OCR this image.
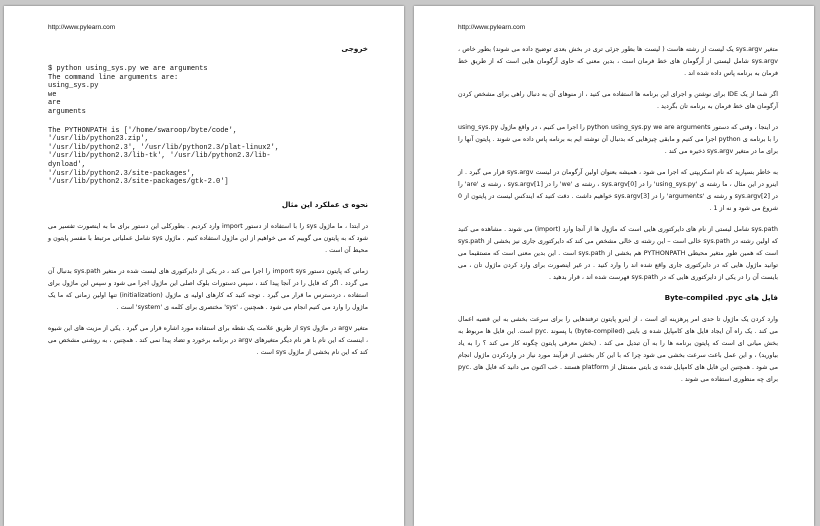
http://www.pylearn.com
خروجی
$ python using_sys.py we are arguments
The command line arguments are:
using_sys.py
we
are
arguments
The PYTHONPATH is ['/home/swaroop/byte/code',
'/usr/lib/python23.zip',
'/usr/lib/python2.3', '/usr/lib/python2.3/plat-linux2',
'/usr/lib/python2.3/lib-tk', '/usr/lib/python2.3/lib-
dynload',
'/usr/lib/python2.3/site-packages',
'/usr/lib/python2.3/site-packages/gtk-2.0']
نحوه ی عملکرد این مثال

در ابتدا ، ما ماژول sys را با استفاده از دستور import وارد کردیم . بطورکلی این دستور برای ما به اینصورت تفسیر می شود که به پایتون می گوییم که می خواهیم از این ماژول استفاده کنیم . ماژول sys شامل عملیاتی مرتبط با مفسر پایتون و محیط آن است .

زمانی که پایتون دستور import sys را اجرا می کند ، در یکی از دایرکتوری های لیست شده در متغیر sys.path بدنبال آن می گردد . اگر که فایل را در آنجا پیدا کند ، سپس دستورات بلوک اصلی این ماژول اجرا می شود و سپس این ماژول برای استفاده ، دردسترس ما قرار می گیرد . توجه کنید که کارهای اولیه ی ماژول (initialization) تنها اولین زمانی که ما یک ماژول را وارد می کنیم انجام می شود . همچنین ، 'sys' مختصری برای کلمه ی 'system' است .

متغیر argv در ماژول sys از طریق علامت یک نقطه برای استفاده مورد اشاره قرار می گیرد . یکی از مزیت های این شیوه ، اینست که این نام با هر نام دیگر متغیرهای argv در برنامه برخورد و تضاد پیدا نمی کند . همچنین ، به روشنی مشخص می کند که این نام بخشی از ماژول sys است .

http://www.pylearn.com

متغیر sys.argv یک لیست از رشته هاست ( لیست ها بطور جزئی تری در بخش بعدی توضیح داده می شوند) بطور خاص ، sys.argv شامل لیستی از آرگومان های خط فرمان است ، بدین معنی که حاوی آرگومان هایی است که از طریق خط فرمان به برنامه پاس داده شده اند .

اگر شما از یک IDE برای نوشتن و اجرای این برنامه ها استفاده می کنید ، از منوهای آن به دنبال راهی برای مشخص کردن آرگومان های خط فرمان به برنامه تان بگردید .

در اینجا ، وقتی که دستور python using_sys.py we are arguments را اجرا می کنیم ، در واقع ماژول using_sys.py را با برنامه ی python اجرا می کنیم و مابقی چیزهایی که بدنبال آن نوشته ایم به برنامه پاس داده می شوند . پایتون آنها را برای ما در متغیر sys.argv ذخیره می کند .

به خاطر بسپارید که نام اسکریپتی که اجرا می شود ، همیشه بعنوان اولین آرگومان در لیست sys.argv قرار می گیرد . از اینرو در این مثال ، ما رشته ی 'using_sys.py' را در sys.argv[0] ، رشته ی 'we' را در sys.argv[1] ، رشته ی 'are' را در sys.argv[2] و رشته ی 'arguments' را در sys.argv[3] خواهیم داشت . دقت کنید که ایندکس لیست در پایتون از 0 شروع می شود و نه از 1 .

sys.path شامل لیستی از نام های دایرکتوری هایی است که ماژول ها از آنجا وارد (import) می شوند . مشاهده می کنید که اولین رشته در sys.path خالی است – این رشته ی خالی مشخص می کند که دایرکتوری جاری نیز بخشی از sys.path است که همین طور متغیر محیطی PYTHONPATH هم بخشی از sys.path است . این بدین معنی است که مستقیما می توانید ماژول هایی که در دایرکتوری جاری واقع شده اند را وارد کنید . در غیر اینصورت برای وارد کردن ماژول تان ، می بایست آن را در یکی از دایرکتوری هایی که در sys.path فهرست شده اند ، قرار بدهید .

فایل های Byte-compiled .pyc

وارد کردن یک ماژول تا حدی امر پرهزینه ای است ، از اینرو پایتون ترفندهایی را برای سرعت بخشی به این قضیه اعمال می کند . یک راه آن ایجاد فایل های کامپایل شده ی بایتی (byte-compiled) با پسوند .pyc است. این فایل ها مربوط به بخش میانی ای است که پایتون برنامه ها را به آن تبدیل می کند . (بخش معرفی پایتون چگونه کار می کند ؟ را به یاد بیاورید) ، و این عمل باعث سرعت بخشی می شود چرا که با این کار بخشی از فرآیند مورد نیاز در واردکردن ماژول انجام می شود . همچنین این فایل های کامپایل شده ی بایتی مستقل از platform هستند . خب اکنون می دانید که فایل های .pyc برای چه منظوری استفاده می شوند .
